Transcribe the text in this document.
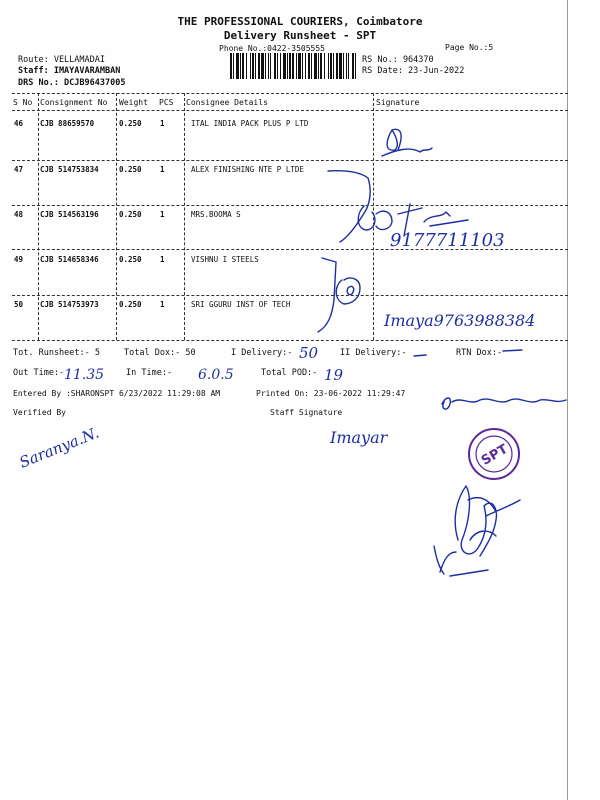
THE PROFESSIONAL COURIERS, Coimbatore
Delivery Runsheet - SPT
Phone No.:0422-3505555	Page No.:5
Route: VELLAMADAI
Staff: IMAYAVARAMBAN
DRS No.: DCJB96437005
RS No.: 964370
RS Date: 23-Jun-2022
S No Consignment No Weight PCS Consignee Details	Signature
46 CJB 88659570	0.250 1	ITAL INDIA PACK PLUS P LTD
47 CJB 514753834	0.250 1	ALEX FINISHING NTE P LTDE
48 CJB 514563196	0.250 1	MRS.BOOMA S
49 CJB 514658346	0.250 1	VISHNU I STEELS
50 CJB 514753973	0.250 1	SRI GGURU INST OF TECH
Tot. Runsheet:- 5	Total Dox:- 50	I Delivery:-	II Delivery:-	RTN Dox:-
Out Time:-	In Time:-	Total POD:-
Entered By :SHARONSPT 6/23/2022 11:29:08 AM	Printed On: 23-06-2022 11:29:47
Verified By	Staff Signature
9177711103
Imaya9763988384
50
11.35	6.0.5	19
Imayar
Saranya.N.	SPT
